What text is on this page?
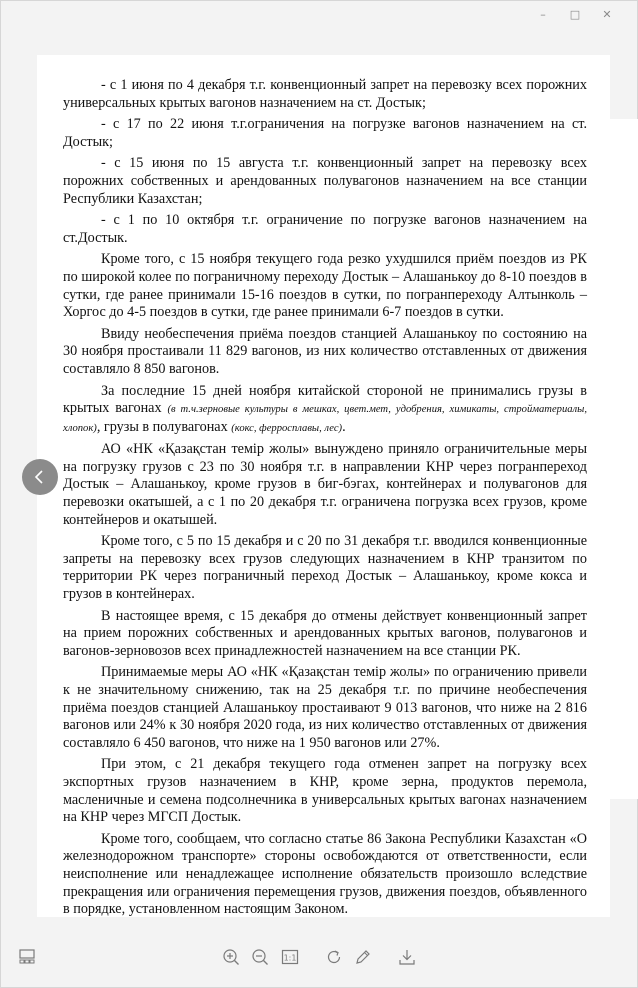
–	□	✕

- с 1 июня по 4 декабря т.г. конвенционный запрет на перевозку всех порожних универсальных крытых вагонов назначением на ст. Достык;

- с 17 по 22 июня т.г.ограничения на погрузке вагонов назначением на ст. Достык;

- с 15 июня по 15 августа т.г. конвенционный запрет на перевозку всех порожних собственных и арендованных полувагонов назначением на все станции Республики Казахстан;

- с 1 по 10 октября т.г. ограничение по погрузке вагонов назначением на ст.Достык.

Кроме того, с 15 ноября текущего года резко ухудшился приём поездов из РК по широкой колее по пограничному переходу Достык – Алашанькоу до 8-10 поездов в сутки, где ранее принимали 15-16 поездов в сутки, по погранпереходу Алтынколь – Хоргос до 4-5 поездов в сутки, где ранее принимали 6-7 поездов в сутки.

Ввиду необеспечения приёма поездов станцией Алашанькоу по состоянию на 30 ноября простаивали 11 829 вагонов, из них количество отставленных от движения составляло 8 850 вагонов.

За последние 15 дней ноября китайской стороной не принимались грузы в крытых вагонах (в т.ч.зерновые культуры в мешках, цвет.мет, удобрения, химикаты, стройматериалы, хлопок), грузы в полувагонах (кокс, ферросплавы, лес).

АО «НК «Қазақстан темір жолы» вынуждено приняло ограничительные меры на погрузку грузов с 23 по 30 ноября т.г. в направлении КНР через погранпереход Достык – Алашанькоу, кроме грузов в биг-бэгах, контейнерах и полувагонов для перевозки окатышей, а с 1 по 20 декабря т.г. ограничена погрузка всех грузов, кроме контейнеров и окатышей.

Кроме того, с 5 по 15 декабря и с 20 по 31 декабря т.г. вводился конвенционные запреты на перевозку всех грузов следующих назначением в КНР транзитом по территории РК через пограничный переход Достык – Алашанькоу, кроме кокса и грузов в контейнерах.

В настоящее время, с 15 декабря до отмены действует конвенционный запрет на прием порожних собственных и арендованных крытых вагонов, полувагонов и вагонов-зерновозов всех принадлежностей назначением на все станции РК.

Принимаемые меры АО «НК «Қазақстан темір жолы» по ограничению привели к не значительному снижению, так на 25 декабря т.г. по причине необеспечения приёма поездов станцией Алашанькоу простаивают 9 013 вагонов, что ниже на 2 816 вагонов или 24% к 30 ноября 2020 года, из них количество отставленных от движения составляло 6 450 вагонов, что ниже на 1 950 вагонов или 27%.

При этом, с 21 декабря текущего года отменен запрет на погрузку всех экспортных грузов назначением в КНР, кроме зерна, продуктов перемола, масленичные и семена подсолнечника в универсальных крытых вагонах назначением на КНР через МГСП Достык.

Кроме того, сообщаем, что согласно статье 86 Закона Республики Казахстан «О железнодорожном транспорте» стороны освобождаются от ответственности, если неисполнение или ненадлежащее исполнение обязательств произошло вследствие прекращения или ограничения перемещения грузов, движения поездов, объявленного в порядке, установленном настоящим Законом.

1:1
